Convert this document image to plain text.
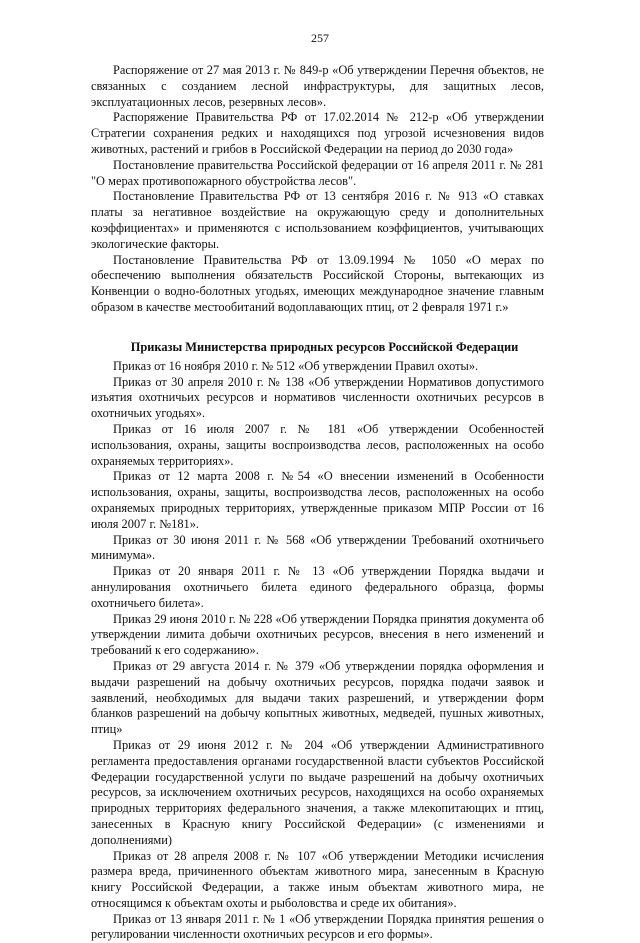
257

Распоряжение от 27 мая 2013 г. № 849-р «Об утверждении Перечня объектов, не связанных с созданием лесной инфраструктуры, для защитных лесов, эксплуатационных лесов, резервных лесов».

Распоряжение Правительства РФ от 17.02.2014 № 212-р «Об утверждении Стратегии сохранения редких и находящихся под угрозой исчезновения видов животных, растений и грибов в Российской Федерации на период до 2030 года»

Постановление правительства Российской федерации от 16 апреля 2011 г. № 281 "О мерах противопожарного обустройства лесов".

Постановление Правительства РФ от 13 сентября 2016 г. № 913 «О ставках платы за негативное воздействие на окружающую среду и дополнительных коэффициентах» и применяются с использованием коэффициентов, учитывающих экологические факторы.

Постановление Правительства РФ от 13.09.1994 № 1050 «О мерах по обеспечению выполнения обязательств Российской Стороны, вытекающих из Конвенции о водно-болотных угодьях, имеющих международное значение главным образом в качестве местообитаний водоплавающих птиц, от 2 февраля 1971 г.»

Приказы Министерства природных ресурсов Российской Федерации

Приказ от 16 ноября 2010 г. № 512 «Об утверждении Правил охоты».

Приказ от 30 апреля 2010 г. № 138 «Об утверждении Нормативов допустимого изъятия охотничьих ресурсов и нормативов численности охотничьих ресурсов в охотничьих угодьях».

Приказ от 16 июля 2007 г. № 181 «Об утверждении Особенностей использования, охраны, защиты воспроизводства лесов, расположенных на особо охраняемых территориях».

Приказ от 12 марта 2008 г. №54 «О внесении изменений в Особенности использования, охраны, защиты, воспроизводства лесов, расположенных на особо охраняемых природных территориях, утвержденные приказом МПР России от 16 июля 2007 г. №181».

Приказ от 30 июня 2011 г. № 568 «Об утверждении Требований охотничьего минимума».

Приказ от 20 января 2011 г. № 13 «Об утверждении Порядка выдачи и аннулирования охотничьего билета единого федерального образца, формы охотничьего билета».

Приказ 29 июня 2010 г. № 228 «Об утверждении Порядка принятия документа об утверждении лимита добычи охотничьих ресурсов, внесения в него изменений и требований к его содержанию».

Приказ от 29 августа 2014 г. № 379 «Об утверждении порядка оформления и выдачи разрешений на добычу охотничьих ресурсов, порядка подачи заявок и заявлений, необходимых для выдачи таких разрешений, и утверждении форм бланков разрешений на добычу копытных животных, медведей, пушных животных, птиц»

Приказ от 29 июня 2012 г. № 204 «Об утверждении Административного регламента предоставления органами государственной власти субъектов Российской Федерации государственной услуги по выдаче разрешений на добычу охотничьих ресурсов, за исключением охотничьих ресурсов, находящихся на особо охраняемых природных территориях федерального значения, а также млекопитающих и птиц, занесенных в Красную книгу Российской Федерации» (с изменениями и дополнениями)

Приказ от 28 апреля 2008 г. № 107 «Об утверждении Методики исчисления размера вреда, причиненного объектам животного мира, занесенным в Красную книгу Российской Федерации, а также иным объектам животного мира, не относящимся к объектам охоты и рыболовства и среде их обитания».

Приказ от 13 января 2011 г. № 1 «Об утверждении Порядка принятия решения о регулировании численности охотничьих ресурсов и его формы».
